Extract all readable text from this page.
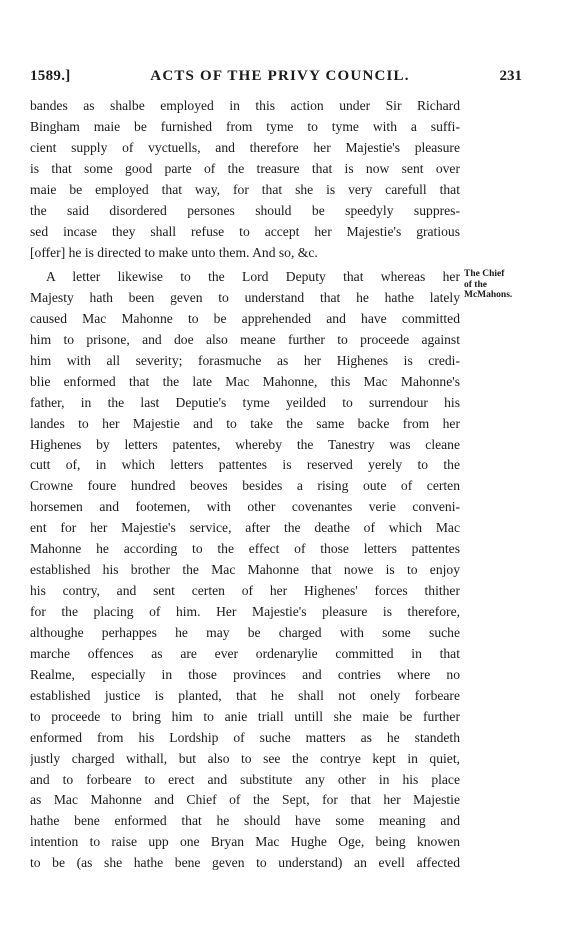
1589.]	ACTS OF THE PRIVY COUNCIL.	231
bandes as shalbe employed in this action under Sir Richard
Bingham maie be furnished from tyme to tyme with a suffi-
cient supply of vyctuells, and therefore her Majestie's pleasure
is that some good parte of the treasure that is now sent over
maie be employed that way, for that she is very carefull that
the said disordered persones should be speedyly suppres-
sed incase they shall refuse to accept her Majestie's gratious
[offer] he is directed to make unto them. And so, &c.
A letter likewise to the Lord Deputy that whereas her
Majesty hath been geven to understand that he hathe lately
caused Mac Mahonne to be apprehended and have committed
him to prisone, and doe also meane further to proceede against
him with all severity; forasmuche as her Highenes is credi-
blie enformed that the late Mac Mahonne, this Mac Mahonne's
father, in the last Deputie's tyme yeilded to surrendour his
landes to her Majestie and to take the same backe from her
Highenes by letters patentes, whereby the Tanestry was cleane
cutt of, in which letters pattentes is reserved yerely to the
Crowne foure hundred beoves besides a rising oute of certen
horsemen and footemen, with other covenantes verie conveni-
ent for her Majestie's service, after the deathe of which Mac
Mahonne he according to the effect of those letters pattentes
established his brother the Mac Mahonne that nowe is to enjoy
his contry, and sent certen of her Highenes' forces thither
for the placing of him. Her Majestie's pleasure is therefore,
althoughe perhappes he may be charged with some suche
marche offences as are ever ordenarylie committed in that
Realme, especially in those provinces and contries where no
established justice is planted, that he shall not onely forbeare
to proceede to bring him to anie triall untill she maie be further
enformed from his Lordship of suche matters as he standeth
justly charged withall, but also to see the contrye kept in quiet,
and to forbeare to erect and substitute any other in his place
as Mac Mahonne and Chief of the Sept, for that her Majestie
hathe bene enformed that he should have some meaning and
intention to raise upp one Bryan Mac Hughe Oge, being knowen
to be (as she hathe bene geven to understand) an evell affected
The Chief
of the
McMahons.
